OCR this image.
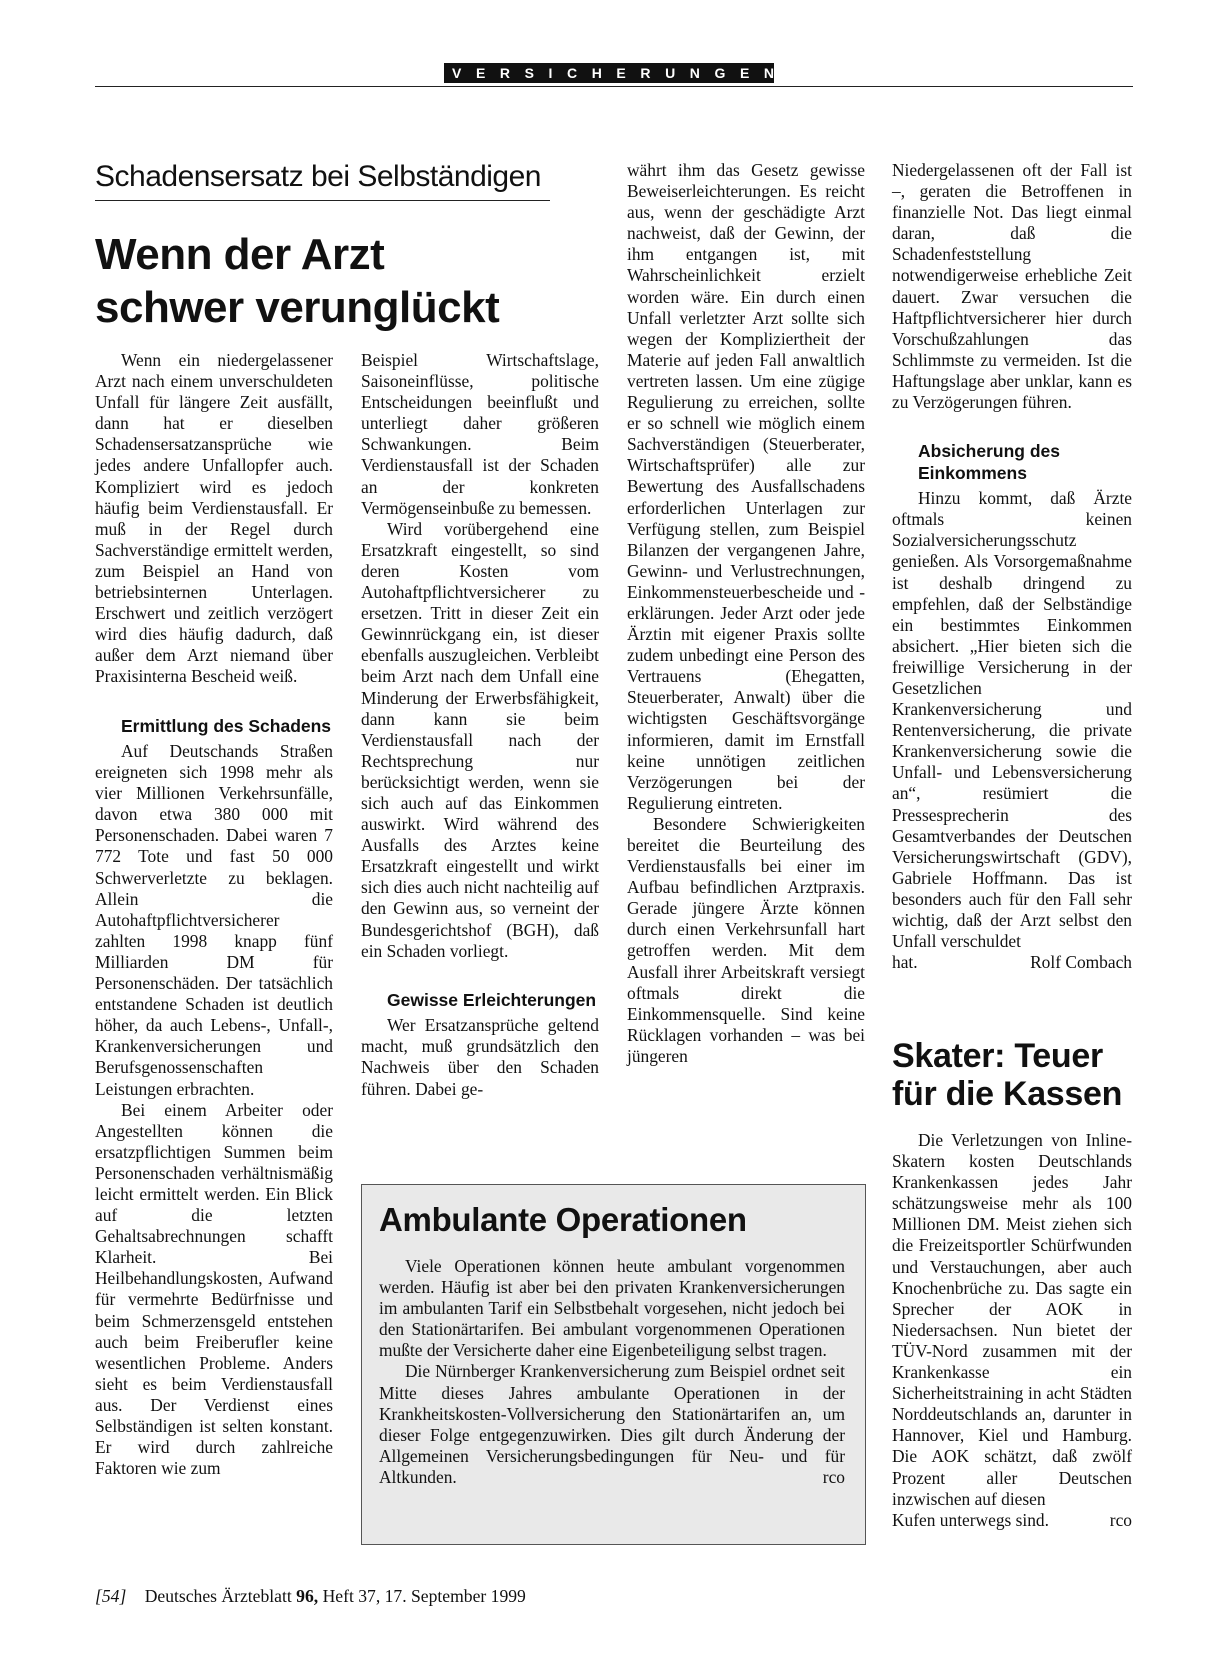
VERSICHERUNGEN
Schadensersatz bei Selbständigen
Wenn der Arzt
schwer verunglückt

Wenn ein niedergelassener Arzt nach einem unverschuldeten Unfall für längere Zeit ausfällt, dann hat er dieselben Schadensersatzansprüche wie jedes andere Unfallopfer auch. Kompliziert wird es jedoch häufig beim Verdienstausfall. Er muß in der Regel durch Sachverständige ermittelt werden, zum Beispiel an Hand von betriebsinternen Unterlagen. Erschwert und zeitlich verzögert wird dies häufig dadurch, daß außer dem Arzt niemand über Praxisinterna Bescheid weiß.

Ermittlung des Schadens

Auf Deutschands Straßen ereigneten sich 1998 mehr als vier Millionen Verkehrsunfälle, davon etwa 380 000 mit Personenschaden. Dabei waren 7 772 Tote und fast 50 000 Schwerverletzte zu beklagen. Allein die Autohaftpflichtversicherer zahlten 1998 knapp fünf Milliarden DM für Personenschäden. Der tatsächlich entstandene Schaden ist deutlich höher, da auch Lebens-, Unfall-, Krankenversicherungen und Berufsgenossenschaften Leistungen erbrachten.

Bei einem Arbeiter oder Angestellten können die ersatzpflichtigen Summen beim Personenschaden verhältnismäßig leicht ermittelt werden. Ein Blick auf die letzten Gehaltsabrechnungen schafft Klarheit. Bei Heilbehandlungskosten, Aufwand für vermehrte Bedürfnisse und beim Schmerzensgeld entstehen auch beim Freiberufler keine wesentlichen Probleme. Anders sieht es beim Verdienstausfall aus. Der Verdienst eines Selbständigen ist selten konstant. Er wird durch zahlreiche Faktoren wie zum

Beispiel Wirtschaftslage, Saisoneinflüsse, politische Entscheidungen beeinflußt und unterliegt daher größeren Schwankungen. Beim Verdienstausfall ist der Schaden an der konkreten Vermögenseinbuße zu bemessen.

Wird vorübergehend eine Ersatzkraft eingestellt, so sind deren Kosten vom Autohaftpflichtversicherer zu ersetzen. Tritt in dieser Zeit ein Gewinnrückgang ein, ist dieser ebenfalls auszugleichen. Verbleibt beim Arzt nach dem Unfall eine Minderung der Erwerbsfähigkeit, dann kann sie beim Verdienstausfall nach der Rechtsprechung nur berücksichtigt werden, wenn sie sich auch auf das Einkommen auswirkt. Wird während des Ausfalls des Arztes keine Ersatzkraft eingestellt und wirkt sich dies auch nicht nachteilig auf den Gewinn aus, so verneint der Bundesgerichtshof (BGH), daß ein Schaden vorliegt.

Gewisse Erleichterungen

Wer Ersatzansprüche geltend macht, muß grundsätzlich den Nachweis über den Schaden führen. Dabei ge-

währt ihm das Gesetz gewisse Beweiserleichterungen. Es reicht aus, wenn der geschädigte Arzt nachweist, daß der Gewinn, der ihm entgangen ist, mit Wahrscheinlichkeit erzielt worden wäre. Ein durch einen Unfall verletzter Arzt sollte sich wegen der Kompliziertheit der Materie auf jeden Fall anwaltlich vertreten lassen. Um eine zügige Regulierung zu erreichen, sollte er so schnell wie möglich einem Sachverständigen (Steuerberater, Wirtschaftsprüfer) alle zur Bewertung des Ausfallschadens erforderlichen Unterlagen zur Verfügung stellen, zum Beispiel Bilanzen der vergangenen Jahre, Gewinn- und Verlustrechnungen, Einkommensteuerbescheide und -erklärungen. Jeder Arzt oder jede Ärztin mit eigener Praxis sollte zudem unbedingt eine Person des Vertrauens (Ehegatten, Steuerberater, Anwalt) über die wichtigsten Geschäftsvorgänge informieren, damit im Ernstfall keine unnötigen zeitlichen Verzögerungen bei der Regulierung eintreten.

Besondere Schwierigkeiten bereitet die Beurteilung des Verdienstausfalls bei einer im Aufbau befindlichen Arztpraxis. Gerade jüngere Ärzte können durch einen Verkehrsunfall hart getroffen werden. Mit dem Ausfall ihrer Arbeitskraft versiegt oftmals direkt die Einkommensquelle. Sind keine Rücklagen vorhanden – was bei jüngeren

Niedergelassenen oft der Fall ist –, geraten die Betroffenen in finanzielle Not. Das liegt einmal daran, daß die Schadenfeststellung notwendigerweise erhebliche Zeit dauert. Zwar versuchen die Haftpflichtversicherer hier durch Vorschußzahlungen das Schlimmste zu vermeiden. Ist die Haftungslage aber unklar, kann es zu Verzögerungen führen.

Absicherung des Einkommens

Hinzu kommt, daß Ärzte oftmals keinen Sozialversicherungsschutz genießen. Als Vorsorgemaßnahme ist deshalb dringend zu empfehlen, daß der Selbständige ein bestimmtes Einkommen absichert. „Hier bieten sich die freiwillige Versicherung in der Gesetzlichen Krankenversicherung und Rentenversicherung, die private Krankenversicherung sowie die Unfall- und Lebensversicherung an“, resümiert die Pressesprecherin des Gesamtverbandes der Deutschen Versicherungswirtschaft (GDV), Gabriele Hoffmann. Das ist besonders auch für den Fall sehr wichtig, daß der Arzt selbst den Unfall verschuldet

hat.	Rolf Combach
Skater: Teuer
für die Kassen

Die Verletzungen von Inline-Skatern kosten Deutschlands Krankenkassen jedes Jahr schätzungsweise mehr als 100 Millionen DM. Meist ziehen sich die Freizeitsportler Schürfwunden und Verstauchungen, aber auch Knochenbrüche zu. Das sagte ein Sprecher der AOK in Niedersachsen. Nun bietet der TÜV-Nord zusammen mit der Krankenkasse ein Sicherheitstraining in acht Städten Norddeutschlands an, darunter in Hannover, Kiel und Hamburg. Die AOK schätzt, daß zwölf Prozent aller Deutschen inzwischen auf diesen

Kufen unterwegs sind.	rco
Ambulante Operationen

Viele Operationen können heute ambulant vorgenommen werden. Häufig ist aber bei den privaten Krankenversicherungen im ambulanten Tarif ein Selbstbehalt vorgesehen, nicht jedoch bei den Stationärtarifen. Bei ambulant vorgenommenen Operationen mußte der Versicherte daher eine Eigenbeteiligung selbst tragen.

Die Nürnberger Krankenversicherung zum Beispiel ordnet seit Mitte dieses Jahres ambulante Operationen in der Krankheitskosten-Vollversicherung den Stationärtarifen an, um dieser Folge entgegenzuwirken. Dies gilt durch Änderung der Allgemeinen Versicherungsbedingungen für Neu- und für Altkunden.	rco
[54] Deutsches Ärzteblatt 96, Heft 37, 17. September 1999
